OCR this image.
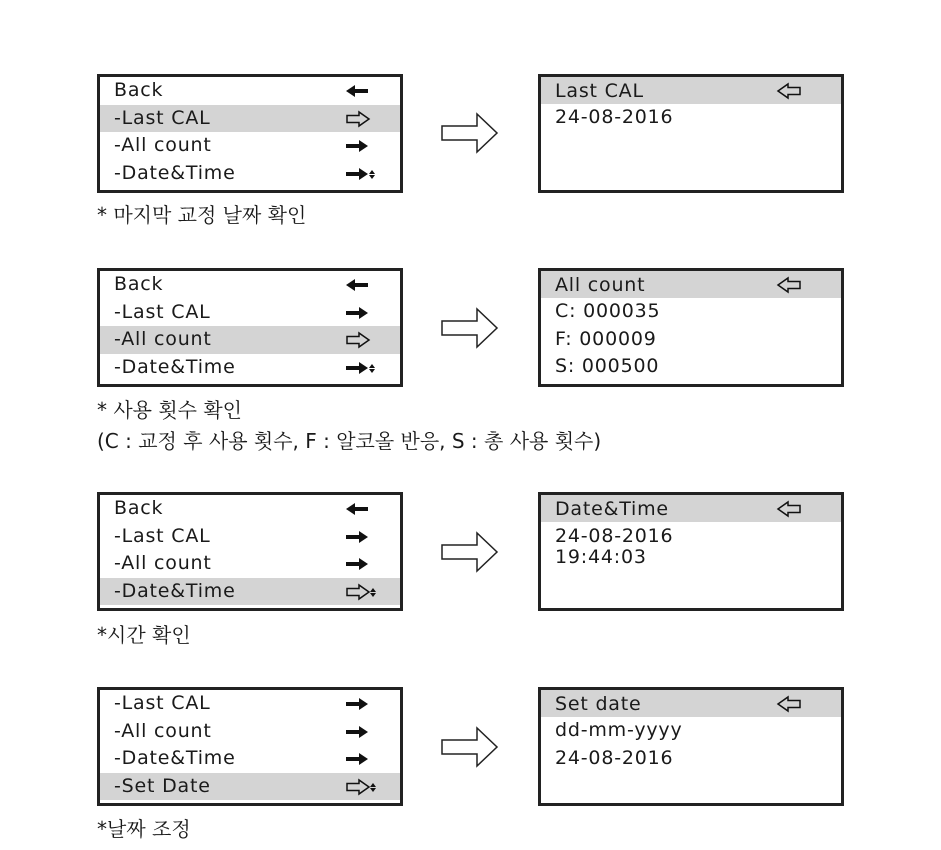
Back
-Last CAL
-All count
-Date&Time
Last CAL
24-08-2016
* 마지막 교정 날짜 확인
Back
-Last CAL
-All count
-Date&Time
All count
C: 000035
F: 000009
S: 000500
* 사용 횟수 확인
(C : 교정 후 사용 횟수, F : 알코올 반응, S : 총 사용 횟수)
Back
-Last CAL
-All count
-Date&Time
Date&Time
24-08-2016
19:44:03
*시간 확인
-Last CAL
-All count
-Date&Time
-Set Date
Set date
dd-mm-yyyy
24-08-2016
*날짜 조정
